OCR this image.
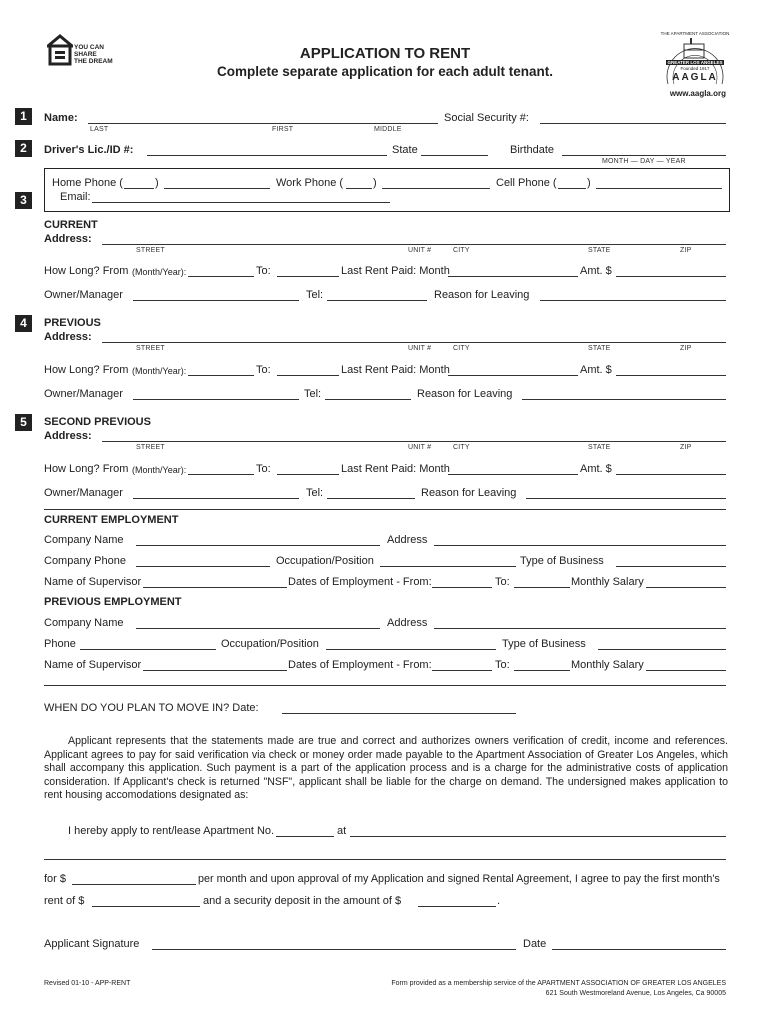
YOU CAN
SHARE
THE DREAM	APPLICATION TO RENT
Complete separate application for each adult tenant.
THE APARTMENT ASSOCIATION
GREATER LOS ANGELES
Founded 1917
AAGLA
www.aagla.org
1	Name:	Social Security #:
LAST	FIRST	MIDDLE
2	Driver's Lic./ID #:	State	Birthdate
MONTH — DAY — YEAR
3
Home Phone (	)	Work Phone (	)	Cell Phone (	)
Email:
CURRENT
Address:
STREET	UNIT #	CITY	STATE	ZIP
How Long? From (Month/Year):	To:	Last Rent Paid: Month	Amt. $
Owner/Manager	Tel:	Reason for Leaving
4	PREVIOUS
Address:
STREET	UNIT #	CITY	STATE	ZIP
How Long? From (Month/Year):	To:	Last Rent Paid: Month	Amt. $
Owner/Manager	Tel:	Reason for Leaving
5	SECOND PREVIOUS
Address:
STREET	UNIT #	CITY	STATE	ZIP
How Long? From (Month/Year):	To:	Last Rent Paid: Month	Amt. $
Owner/Manager	Tel:	Reason for Leaving
CURRENT EMPLOYMENT
Company Name	Address
Company Phone	Occupation/Position	Type of Business
Name of Supervisor	Dates of Employment - From:	To:	Monthly Salary
PREVIOUS EMPLOYMENT
Company Name	Address
Phone	Occupation/Position	Type of Business
Name of Supervisor	Dates of Employment - From:	To:	Monthly Salary
WHEN DO YOU PLAN TO MOVE IN? Date:
Applicant represents that the statements made are true and correct and authorizes owners verification of credit, income and references. Applicant agrees to pay for said verification via check or money order made payable to the Apartment Association of Greater Los Angeles, which shall accompany this application. Such payment is a part of the application process and is a charge for the administrative costs of application consideration. If Applicant's check is returned "NSF", applicant shall be liable for the charge on demand. The undersigned makes application to rent housing accomodations designated as:
I hereby apply to rent/lease Apartment No.	at
for $	per month and upon approval of my Application and signed Rental Agreement, I agree to pay the first month's
rent of $	and a security deposit in the amount of $	.
Applicant Signature	Date
Revised 01-10 - APP-RENT	Form provided as a membership service of the APARTMENT ASSOCIATION OF GREATER LOS ANGELES
621 South Westmoreland Avenue, Los Angeles, Ca 90005
